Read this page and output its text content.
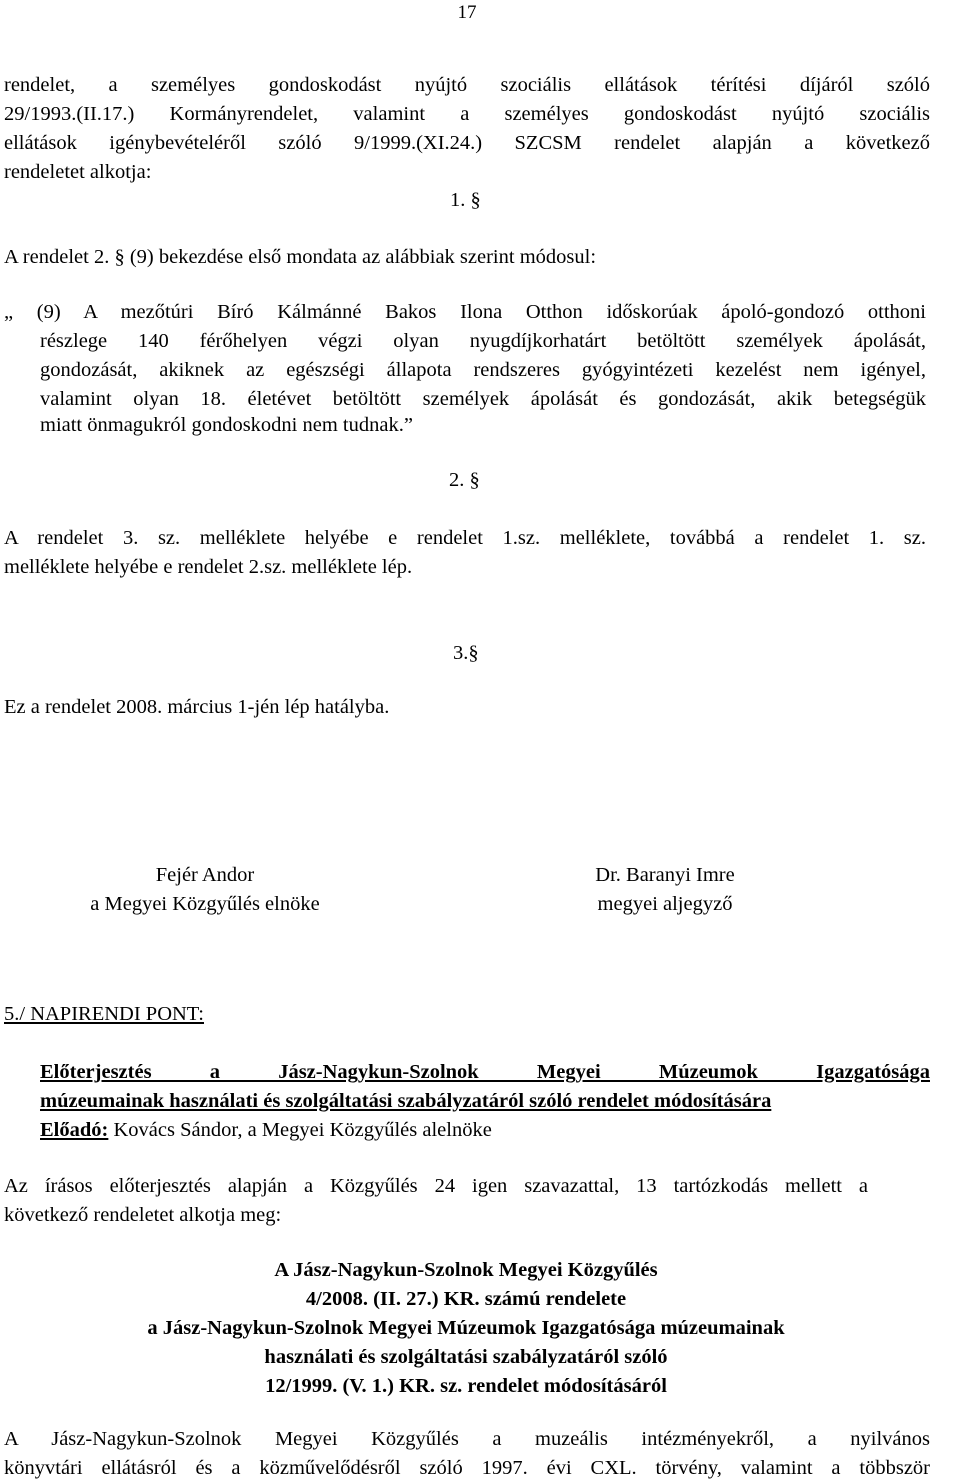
17
rendelet, a személyes gondoskodást nyújtó szociális ellátások térítési díjáról szóló
29/1993.(II.17.) Kormányrendelet, valamint a személyes gondoskodást nyújtó szociális
ellátások igénybevételéről szóló 9/1999.(XI.24.) SZCSM rendelet alapján a következő
rendeletet alkotja:
1. §
A rendelet 2. § (9) bekezdése első mondata az alábbiak szerint módosul:
„ (9) A mezőtúri Bíró Kálmánné Bakos Ilona Otthon időskorúak ápoló-gondozó otthoni
részlege 140 férőhelyen végzi olyan nyugdíjkorhatárt betöltött személyek ápolását,
gondozását, akiknek az egészségi állapota rendszeres gyógyintézeti kezelést nem igényel,
valamint olyan 18. életévet betöltött személyek ápolását és gondozását, akik betegségük
miatt önmagukról gondoskodni nem tudnak.”
2. §
A rendelet 3. sz. melléklete helyébe e rendelet 1.sz. melléklete, továbbá a rendelet 1. sz.
melléklete helyébe e rendelet 2.sz. melléklete lép.
3.§
Ez a rendelet 2008. március 1-jén lép hatályba.
Fejér Andor
a Megyei Közgyűlés elnöke
Dr. Baranyi Imre
megyei aljegyző
5./ NAPIRENDI PONT:
Előterjesztés a Jász-Nagykun-Szolnok Megyei Múzeumok Igazgatósága
múzeumainak használati és szolgáltatási szabályzatáról szóló rendelet módosítására
Előadó: Kovács Sándor, a Megyei Közgyűlés alelnöke
Az írásos előterjesztés alapján a Közgyűlés 24 igen szavazattal, 13 tartózkodás mellett a
következő rendeletet alkotja meg:
A Jász-Nagykun-Szolnok Megyei Közgyűlés
4/2008. (II. 27.) KR. számú rendelete
a Jász-Nagykun-Szolnok Megyei Múzeumok Igazgatósága múzeumainak
használati és szolgáltatási szabályzatáról szóló
12/1999. (V. 1.) KR. sz. rendelet módosításáról
A Jász-Nagykun-Szolnok Megyei Közgyűlés a muzeális intézményekről, a nyilvános
könyvtári ellátásról és a közművelődésről szóló 1997. évi CXL. törvény, valamint a többször
